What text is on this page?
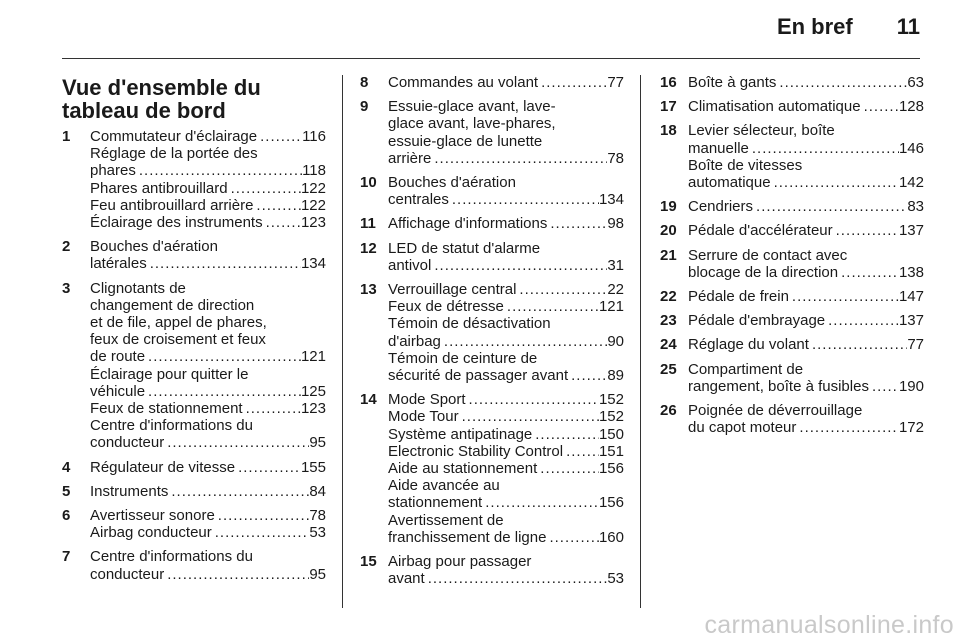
En bref 11
Vue d'ensemble du
tableau de bord
1	Commutateur d'éclairage .....	116
Réglage de la portée des
phares .....	118
Phares antibrouillard .....	122
Feu antibrouillard arrière .....	122
Éclairage des instruments .....	123
2	Bouches d'aération
latérales .....	134
3	Clignotants de
changement de direction
et de file, appel de phares,
feux de croisement et feux
de route .....	121
Éclairage pour quitter le
véhicule .....	125
Feux de stationnement .....	123
Centre d'informations du
conducteur .....	95
4	Régulateur de vitesse .....	155
5	Instruments .....	84
6	Avertisseur sonore .....	78
Airbag conducteur .....	53
7	Centre d'informations du
conducteur .....	95
8	Commandes au volant .....	77
9	Essuie-glace avant, lave-
glace avant, lave-phares,
essuie-glace de lunette
arrière .....	78
10 Bouches d'aération
centrales .....	134
11 Affichage d'informations .....	98
12 LED de statut d'alarme
antivol .....	31
13 Verrouillage central .....	22
Feux de détresse .....	121
Témoin de désactivation
d'airbag .....	90
Témoin de ceinture de
sécurité de passager avant .....	89
14 Mode Sport .....	152
Mode Tour .....	152
Système antipatinage .....	150
Electronic Stability Control ..... 151
Aide au stationnement .....	156
Aide avancée au
stationnement .....	156
Avertissement de
franchissement de ligne .....	160
15 Airbag pour passager
avant .....	53
16 Boîte à gants .....	63
17 Climatisation automatique .....	128
18 Levier sélecteur, boîte
manuelle .....	146
Boîte de vitesses
automatique .....	142
19 Cendriers .....	83
20 Pédale d'accélérateur .....	137
21 Serrure de contact avec
blocage de la direction .....	138
22 Pédale de frein .....	147
23 Pédale d'embrayage .....	137
24 Réglage du volant .....	77
25 Compartiment de
rangement, boîte à fusibles ..... 190
26 Poignée de déverrouillage
du capot moteur .....	172
carmanualsonline.info
